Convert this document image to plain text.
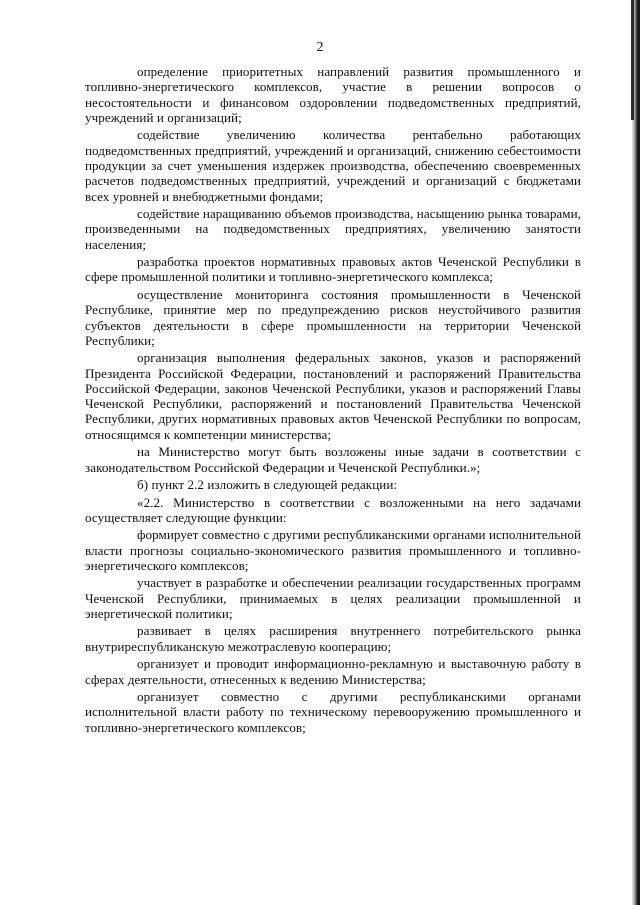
2

определение приоритетных направлений развития промышленного и топливно-энергетического комплексов, участие в решении вопросов о несостоятельности и финансовом оздоровлении подведомственных предприятий, учреждений и организаций;

содействие увеличению количества рентабельно работающих подведомственных предприятий, учреждений и организаций, снижению себестоимости продукции за счет уменьшения издержек производства, обеспечению своевременных расчетов подведомственных предприятий, учреждений и организаций с бюджетами всех уровней и внебюджетными фондами;

содействие наращиванию объемов производства, насыщению рынка товарами, произведенными на подведомственных предприятиях, увеличению занятости населения;

разработка проектов нормативных правовых актов Чеченской Республики в сфере промышленной политики и топливно-энергетического комплекса;

осуществление мониторинга состояния промышленности в Чеченской Республике, принятие мер по предупреждению рисков неустойчивого развития субъектов деятельности в сфере промышленности на территории Чеченской Республики;

организация выполнения федеральных законов, указов и распоряжений Президента Российской Федерации, постановлений и распоряжений Правительства Российской Федерации, законов Чеченской Республики, указов и распоряжений Главы Чеченской Республики, распоряжений и постановлений Правительства Чеченской Республики, других нормативных правовых актов Чеченской Республики по вопросам, относящимся к компетенции министерства;

на Министерство могут быть возложены иные задачи в соответствии с законодательством Российской Федерации и Чеченской Республики.»;

б) пункт 2.2 изложить в следующей редакции:

«2.2. Министерство в соответствии с возложенными на него задачами осуществляет следующие функции:

формирует совместно с другими республиканскими органами исполнительной власти прогнозы социально-экономического развития промышленного и топливно-энергетического комплексов;

участвует в разработке и обеспечении реализации государственных программ Чеченской Республики, принимаемых в целях реализации промышленной и энергетической политики;

развивает в целях расширения внутреннего потребительского рынка внутриреспубликанскую межотраслевую кооперацию;

организует и проводит информационно-рекламную и выставочную работу в сферах деятельности, отнесенных к ведению Министерства;

организует совместно с другими республиканскими органами исполнительной власти работу по техническому перевооружению промышленного и топливно-энергетического комплексов;
